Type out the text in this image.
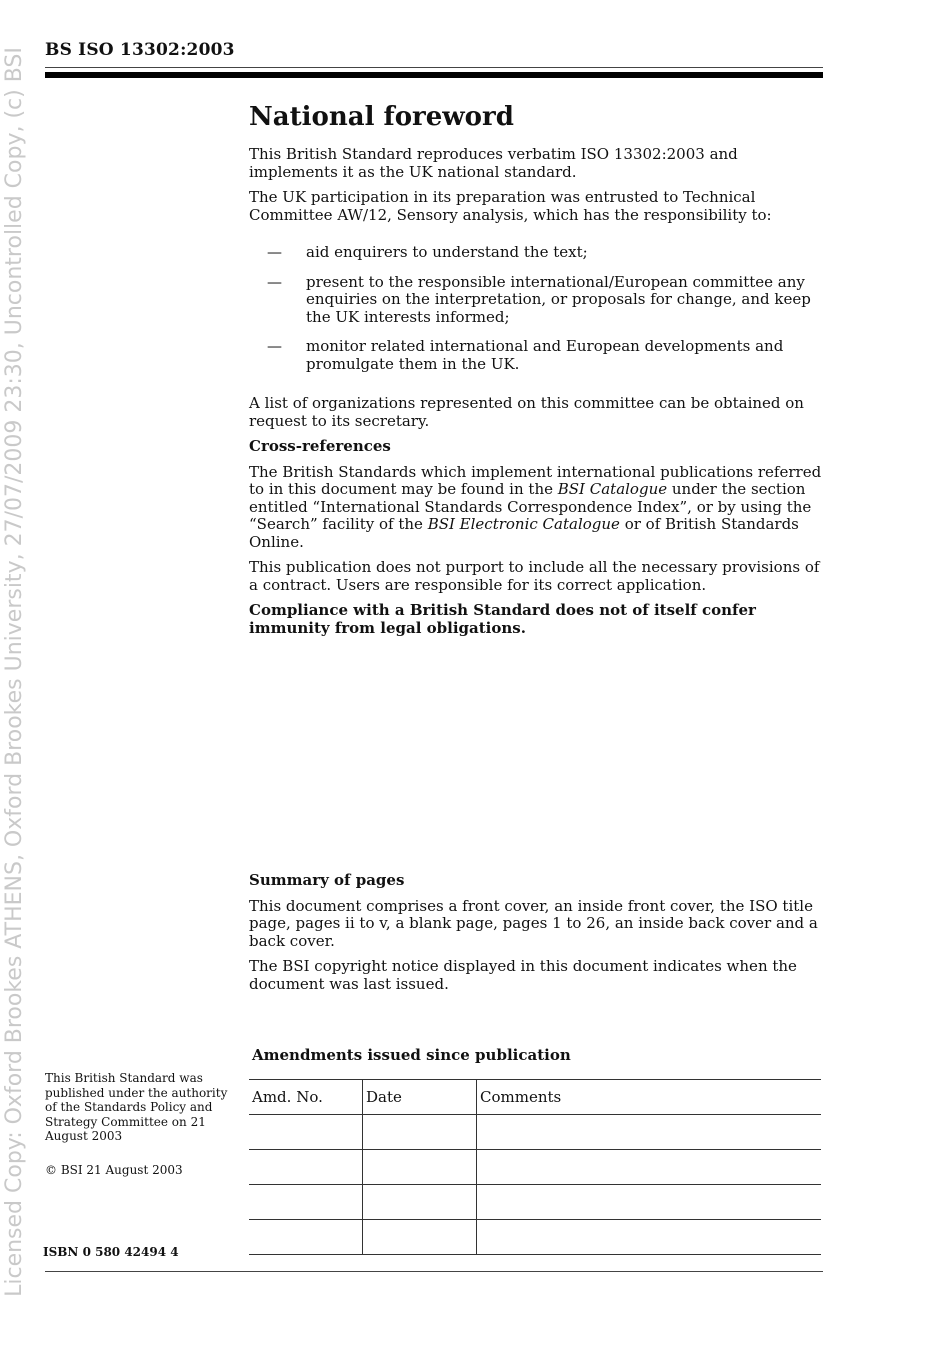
Licensed Copy: Oxford Brookes ATHENS, Oxford Brookes University, 27/07/2009 23:30, Uncontrolled Copy, (c) BSI BS ISO 13302:2003
National foreword

This British Standard reproduces verbatim ISO 13302:2003 and implements it as the UK national standard.

The UK participation in its preparation was entrusted to Technical Committee AW/12, Sensory analysis, which has the responsibility to:

— aid enquirers to understand the text;
— present to the responsible international/European committee any enquiries on the interpretation, or proposals for change, and keep the UK interests informed;
— monitor related international and European developments and promulgate them in the UK.

A list of organizations represented on this committee can be obtained on request to its secretary.

Cross-references

The British Standards which implement international publications referred to in this document may be found in the BSI Catalogue under the section entitled “International Standards Correspondence Index”, or by using the “Search” facility of the BSI Electronic Catalogue or of British Standards Online.

This publication does not purport to include all the necessary provisions of a contract. Users are responsible for its correct application.

Compliance with a British Standard does not of itself confer immunity from legal obligations.

Summary of pages

This document comprises a front cover, an inside front cover, the ISO title page, pages ii to v, a blank page, pages 1 to 26, an inside back cover and a back cover.

The BSI copyright notice displayed in this document indicates when the document was last issued.

This British Standard was published under the authority of the Standards Policy and Strategy Committee on 21 August 2003
© BSI 21 August 2003
ISBN 0 580 42494 4
Amendments issued since publication
Amd. No.	Date	Comments
